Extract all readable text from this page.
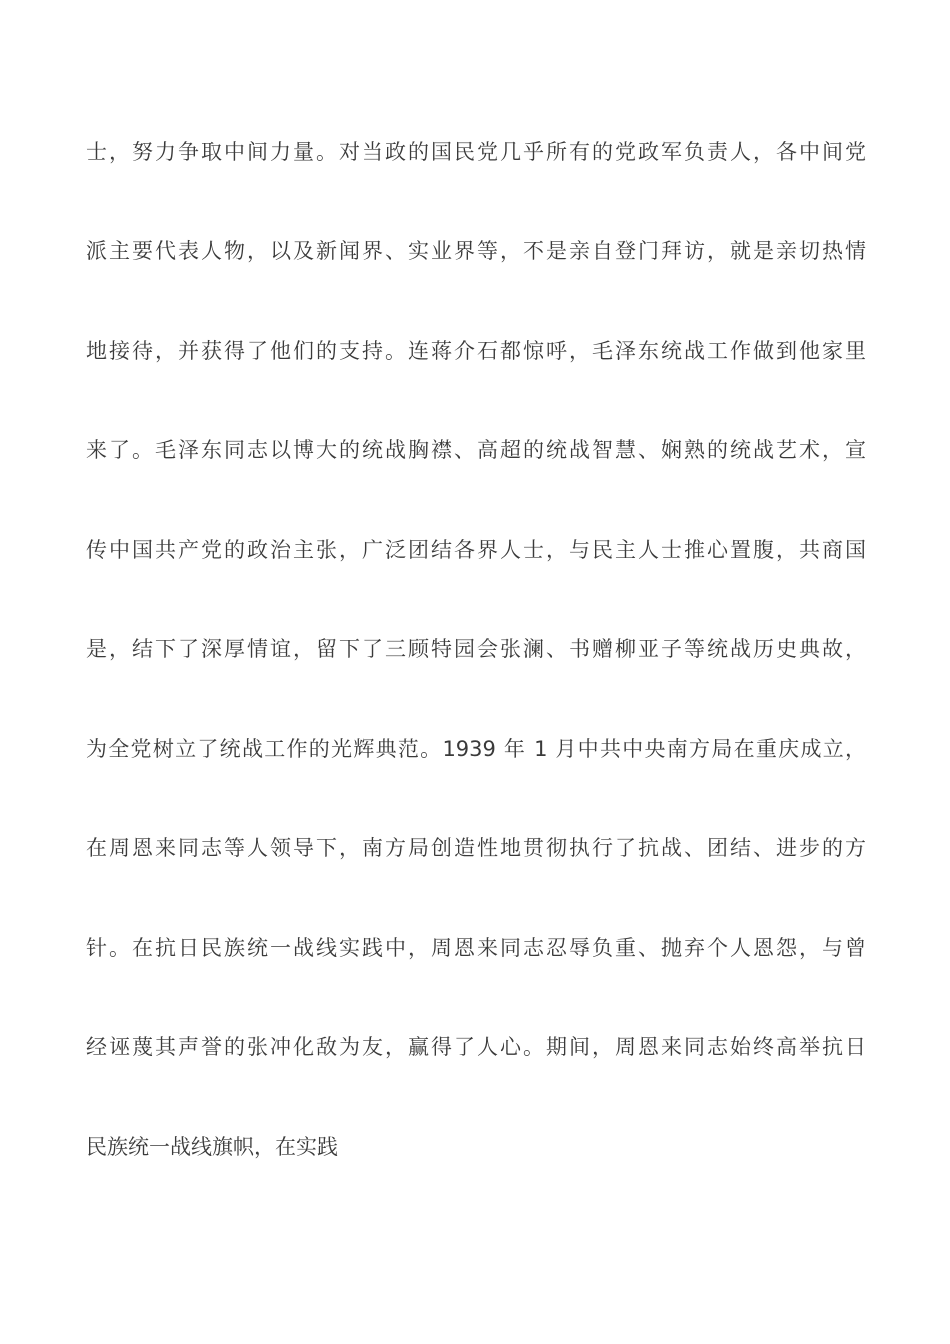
士，努力争取中间力量。对当政的国民党几乎所有的党政军负责人，各中间党
派主要代表人物，以及新闻界、实业界等，不是亲自登门拜访，就是亲切热情
地接待，并获得了他们的支持。连蒋介石都惊呼，毛泽东统战工作做到他家里
来了。毛泽东同志以博大的统战胸襟、高超的统战智慧、娴熟的统战艺术，宣
传中国共产党的政治主张，广泛团结各界人士，与民主人士推心置腹，共商国
是，结下了深厚情谊，留下了三顾特园会张澜、书赠柳亚子等统战历史典故，
为全党树立了统战工作的光辉典范。1939 年 1 月中共中央南方局在重庆成立，
在周恩来同志等人领导下，南方局创造性地贯彻执行了抗战、团结、进步的方
针。在抗日民族统一战线实践中，周恩来同志忍辱负重、抛弃个人恩怨，与曾
经诬蔑其声誉的张冲化敌为友，赢得了人心。期间，周恩来同志始终高举抗日
民族统一战线旗帜，在实践
